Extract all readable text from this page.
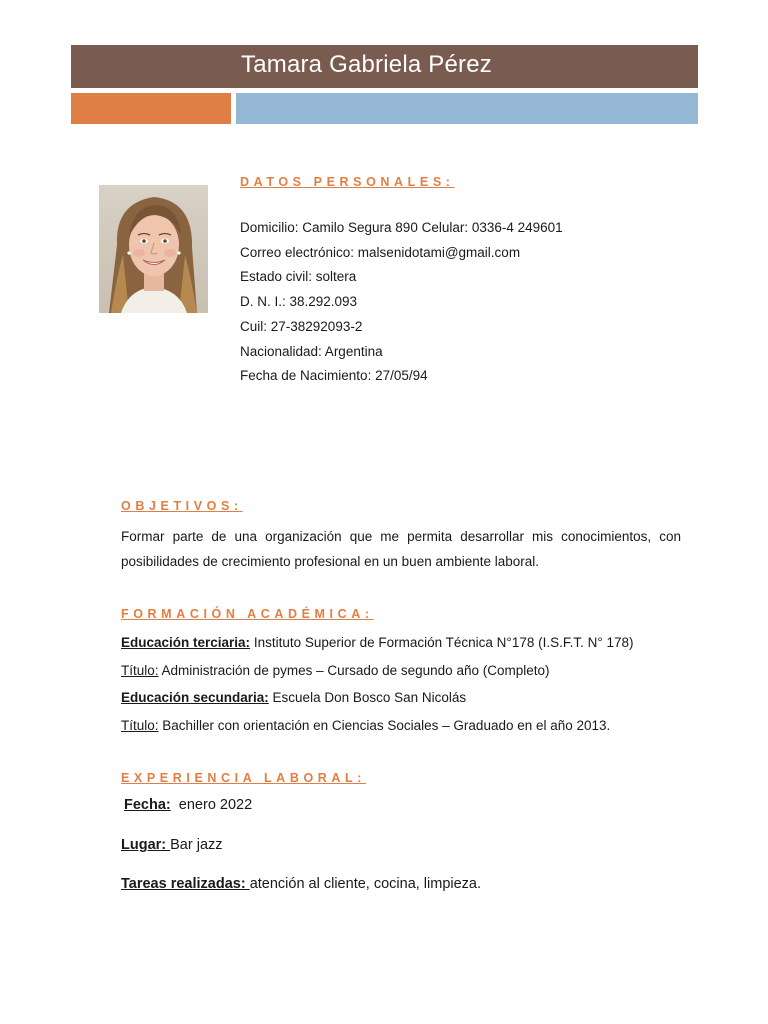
Tamara Gabriela Pérez
DATOS PERSONALES:
Domicilio: Camilo Segura 890 Celular: 0336-4 249601
Correo electrónico: malsenidotami@gmail.com
Estado civil: soltera
D. N. I.: 38.292.093
Cuil: 27-38292093-2
Nacionalidad: Argentina
Fecha de Nacimiento: 27/05/94
OBJETIVOS:

Formar parte de una organización que me permita desarrollar mis conocimientos, con posibilidades de crecimiento profesional en un buen ambiente laboral.

FORMACIÓN ACADÉMICA:
Educación terciaria: Instituto Superior de Formación Técnica N°178 (I.S.F.T. N° 178)
Título: Administración de pymes – Cursado de segundo año (Completo)
Educación secundaria: Escuela Don Bosco San Nicolás
Título: Bachiller con orientación en Ciencias Sociales – Graduado en el año 2013.
EXPERIENCIA LABORAL:

Fecha:  enero 2022

Lugar: Bar jazz

Tareas realizadas: atención al cliente, cocina, limpieza.
